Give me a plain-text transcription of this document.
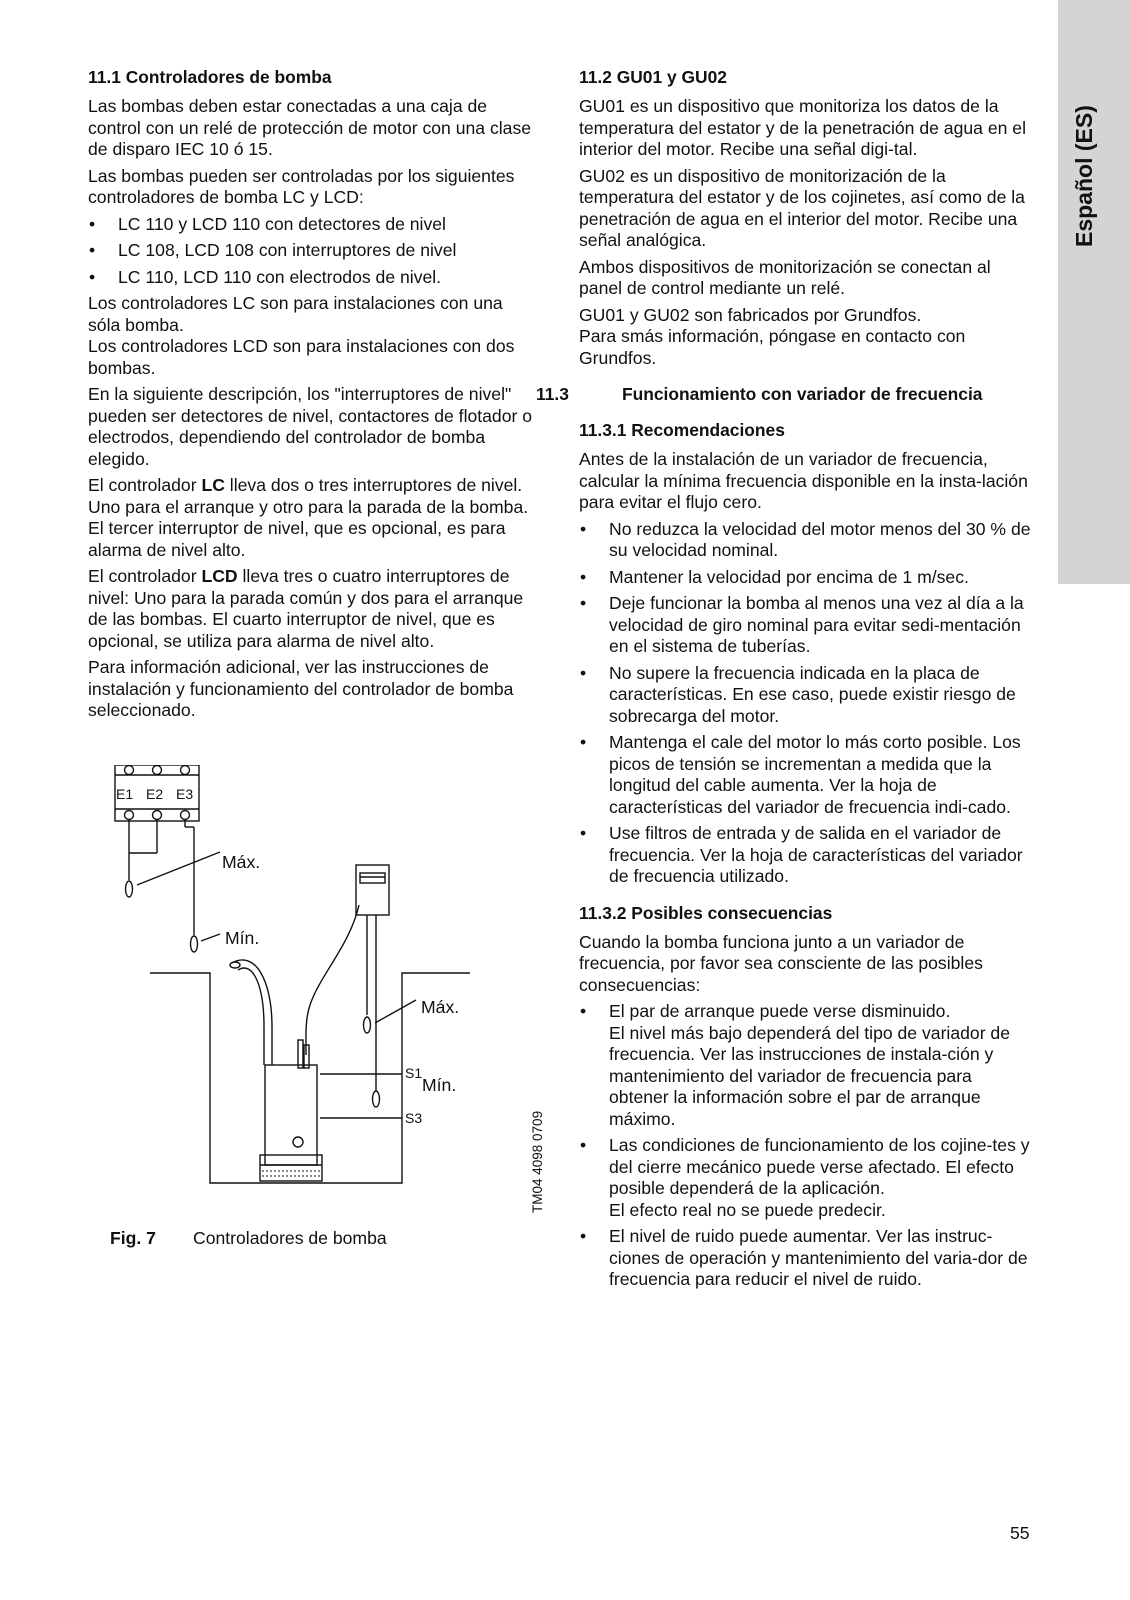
Español (ES)
11.1 Controladores de bomba

Las bombas deben estar conectadas a una caja de control con un relé de protección de motor con una clase de disparo IEC 10 ó 15.

Las bombas pueden ser controladas por los siguientes controladores de bomba LC y LCD:

• LC 110 y LCD 110 con detectores de nivel
• LC 108, LCD 108 con interruptores de nivel
• LC 110, LCD 110 con electrodos de nivel.

Los controladores LC son para instalaciones con una sóla bomba.
Los controladores LCD son para instalaciones con dos bombas.

En la siguiente descripción, los "interruptores de nivel" pueden ser detectores de nivel, contactores de flotador o electrodos, dependiendo del controlador de bomba elegido.

El controlador LC lleva dos o tres interruptores de nivel. Uno para el arranque y otro para la parada de la bomba. El tercer interruptor de nivel, que es opcional, es para alarma de nivel alto.

El controlador LCD lleva tres o cuatro interruptores de nivel: Uno para la parada común y dos para el arranque de las bombas. El cuarto interruptor de nivel, que es opcional, se utiliza para alarma de nivel alto.

Para información adicional, ver las instrucciones de instalación y funcionamiento del controlador de bomba seleccionado.

E1 E2 E3
Máx.
Mín.
Máx.
S1
Mín.
S3	TM04 4098 0709
Fig. 7 Controladores de bomba
11.2 GU01 y GU02

GU01 es un dispositivo que monitoriza los datos de la temperatura del estator y de la penetración de agua en el interior del motor. Recibe una señal digi-tal.

GU02 es un dispositivo de monitorización de la temperatura del estator y de los cojinetes, así como de la penetración de agua en el interior del motor. Recibe una señal analógica.

Ambos dispositivos de monitorización se conectan al panel de control mediante un relé.

GU01 y GU02 son fabricados por Grundfos.
Para smás información, póngase en contacto con Grundfos.

11.3	Funcionamiento con variador de frecuencia
11.3.1 Recomendaciones

Antes de la instalación de un variador de frecuencia, calcular la mínima frecuencia disponible en la insta-lación para evitar el flujo cero.

• No reduzca la velocidad del motor menos del 30 % de su velocidad nominal.
• Mantener la velocidad por encima de 1 m/sec.
• Deje funcionar la bomba al menos una vez al día a la velocidad de giro nominal para evitar sedi-mentación en el sistema de tuberías.
• No supere la frecuencia indicada en la placa de características. En ese caso, puede existir riesgo de sobrecarga del motor.
• Mantenga el cale del motor lo más corto posible. Los picos de tensión se incrementan a medida que la longitud del cable aumenta. Ver la hoja de características del variador de frecuencia indi-cado.
• Use filtros de entrada y de salida en el variador de frecuencia. Ver la hoja de características del variador de frecuencia utilizado.
11.3.2 Posibles consecuencias

Cuando la bomba funciona junto a un variador de frecuencia, por favor sea consciente de las posibles consecuencias:

• El par de arranque puede verse disminuido.
El nivel más bajo dependerá del tipo de variador de frecuencia. Ver las instrucciones de instala-ción y mantenimiento del variador de frecuencia para obtener la información sobre el par de arranque máximo.
• Las condiciones de funcionamiento de los cojine-tes y del cierre mecánico puede verse afectado. El efecto posible dependerá de la aplicación.
El efecto real no se puede predecir.
• El nivel de ruido puede aumentar. Ver las instruc-ciones de operación y mantenimiento del varia-dor de frecuencia para reducir el nivel de ruido.
55
